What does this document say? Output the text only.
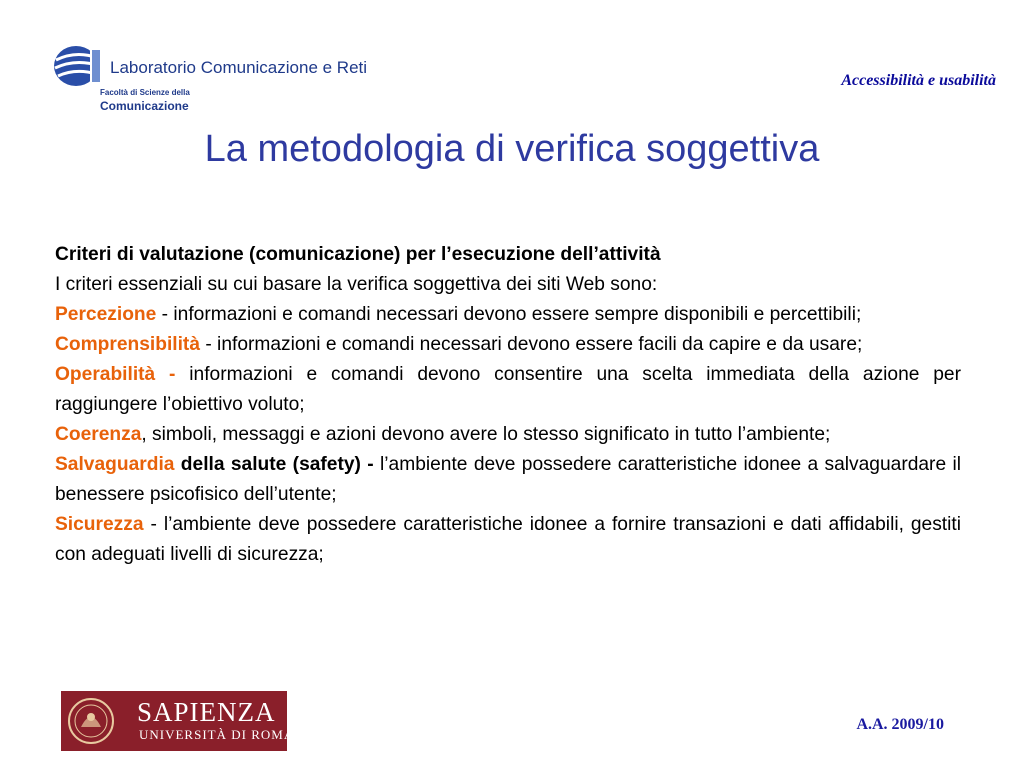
Laboratorio Comunicazione e Reti
Facoltà di Scienze della
Comunicazione
Accessibilità e usabilità
La metodologia di verifica soggettiva

Criteri di valutazione (comunicazione) per l’esecuzione dell’attività

I criteri essenziali su cui basare la verifica soggettiva dei siti Web sono:

Percezione - informazioni e comandi necessari devono essere sempre disponibili e percettibili;

Comprensibilità - informazioni e comandi necessari devono essere facili da capire e da usare;

Operabilità - informazioni e comandi devono consentire una scelta immediata della azione per raggiungere l’obiettivo voluto;

Coerenza, simboli, messaggi e azioni devono avere lo stesso significato in tutto l’ambiente;

Salvaguardia della salute (safety) - l’ambiente deve possedere caratteristiche idonee a salvaguardare il benessere psicofisico dell’utente;

Sicurezza - l’ambiente deve possedere caratteristiche idonee a fornire transazioni e dati affidabili, gestiti con adeguati livelli di sicurezza;

SAPIENZA
UNIVERSITÀ DI ROMA
A.A. 2009/10
